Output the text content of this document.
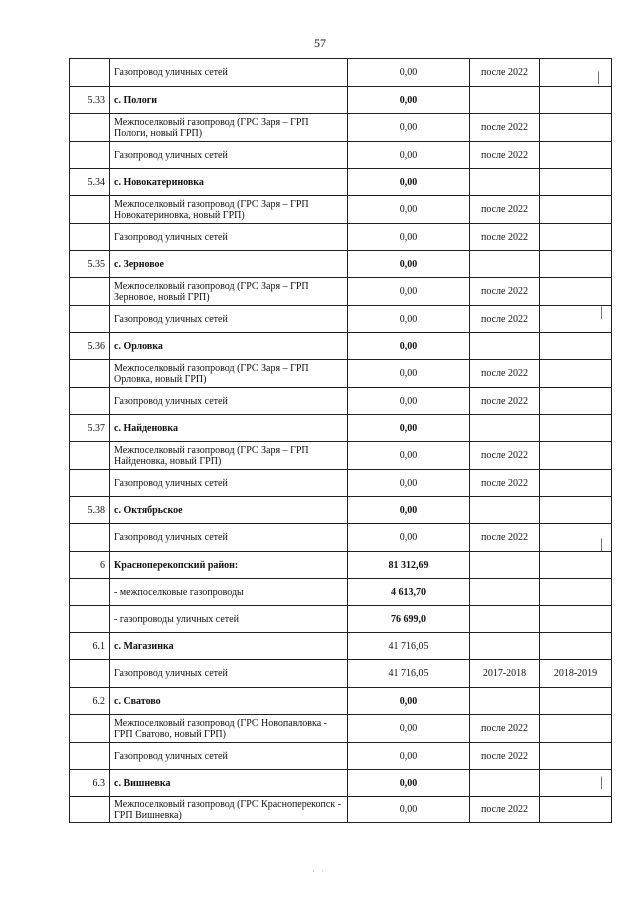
57
	Газопровод уличных сетей	0,00	после 2022	
5.33	с. Пологи	0,00		
	Межпоселковый газопровод (ГРС Заря – ГРП Пологи, новый ГРП)	0,00	после 2022	
	Газопровод уличных сетей	0,00	после 2022	
5.34	с. Новокатериновка	0,00		
	Межпоселковый газопровод (ГРС Заря – ГРП Новокатериновка, новый ГРП)	0,00	после 2022	
	Газопровод уличных сетей	0,00	после 2022	
5.35	с. Зерновое	0,00		
	Межпоселковый газопровод (ГРС Заря – ГРП Зерновое, новый ГРП)	0,00	после 2022	
	Газопровод уличных сетей	0,00	после 2022	
5.36	с. Орловка	0,00		
	Межпоселковый газопровод (ГРС Заря – ГРП Орловка, новый ГРП)	0,00	после 2022	
	Газопровод уличных сетей	0,00	после 2022	
5.37	с. Найденовка	0,00		
	Межпоселковый газопровод (ГРС Заря – ГРП Найденовка, новый ГРП)	0,00	после 2022	
	Газопровод уличных сетей	0,00	после 2022	
5.38	с. Октябрьское	0,00		
	Газопровод уличных сетей	0,00	после 2022	
6	Красноперекопский район:	81 312,69		
	- межпоселковые газопроводы	4 613,70		
	- газопроводы уличных сетей	76 699,0		
6.1	с. Магазинка	41 716,05		
	Газопровод уличных сетей	41 716,05	2017-2018	2018-2019
6.2	с. Сватово	0,00		
	Межпоселковый газопровод (ГРС Новопавловка - ГРП Сватово, новый ГРП)	0,00	после 2022	
	Газопровод уличных сетей	0,00	после 2022	
6.3	с. Вишневка	0,00		
	Межпоселковый газопровод (ГРС Красноперекопск - ГРП Вишневка)	0,00	после 2022	
|
|
|
|
· ·
